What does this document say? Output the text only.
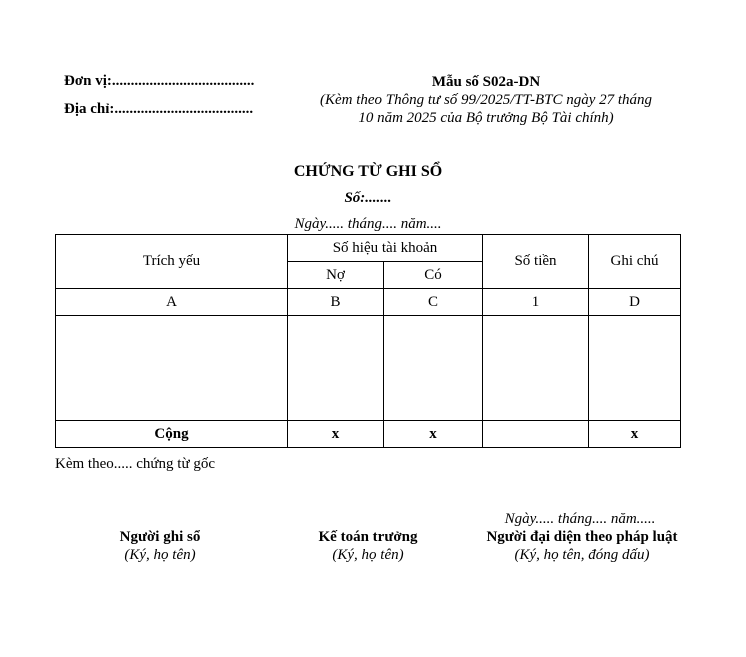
Đơn vị:......................................
Địa chỉ:.....................................
Mẫu số S02a-DN
(Kèm theo Thông tư số 99/2025/TT-BTC ngày 27 tháng
10 năm 2025 của Bộ trưởng Bộ Tài chính)
CHỨNG TỪ GHI SỔ
Số:.......
Ngày..... tháng.... năm....
Trích yếu	Số hiệu tài khoản		Số tiền	Ghi chú
	Nợ	Có		
A	B	C	1	D

Cộng	x	x		x
Kèm theo..... chứng từ gốc
Ngày..... tháng.... năm.....
Người ghi sổ
(Ký, họ tên)
Kế toán trưởng
(Ký, họ tên)
Người đại diện theo pháp luật
(Ký, họ tên, đóng dấu)
